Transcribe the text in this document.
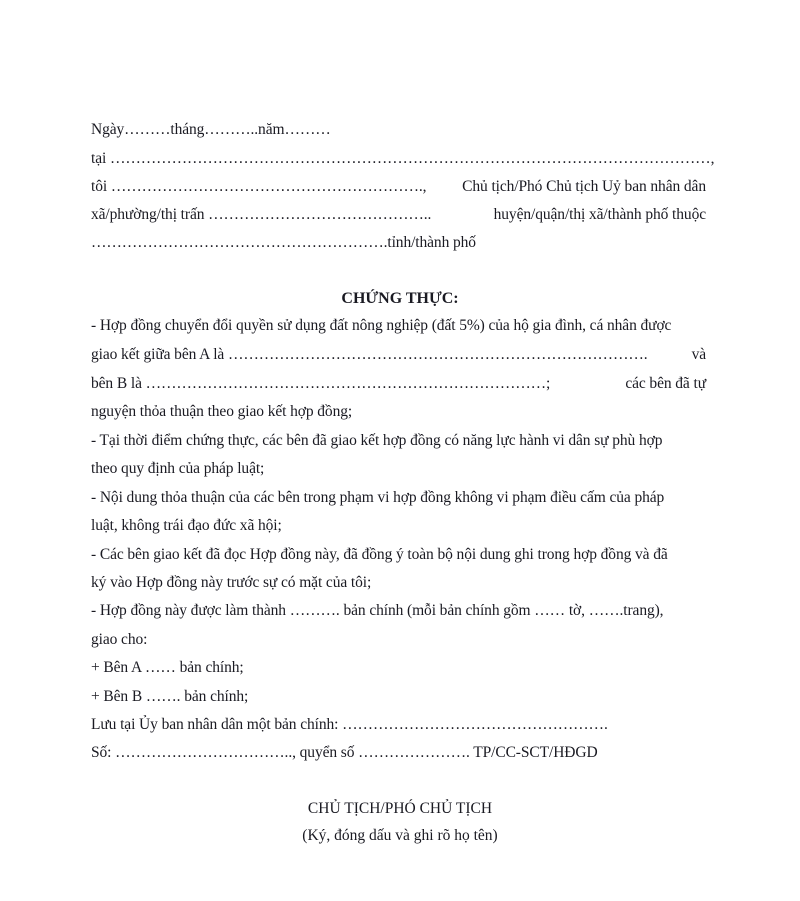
Ngày………tháng………..năm………
tại ………………………………………………………………………………………………………,
tôi ……………………………………………………., Chủ tịch/Phó Chủ tịch Uỷ ban nhân dân
xã/phường/thị trấn ……………………………………..	huyện/quận/thị xã/thành phố thuộc
………………………………………………….tỉnh/thành phố
CHỨNG THỰC:
- Hợp đồng chuyển đổi quyền sử dụng đất nông nghiệp (đất 5%) của hộ gia đình, cá nhân được
giao kết giữa bên A là ……………………………………………………………………….	và
bên B là ……………………………………………………………………;	các bên đã tự
nguyện thỏa thuận theo giao kết hợp đồng;
- Tại thời điểm chứng thực, các bên đã giao kết hợp đồng có năng lực hành vi dân sự phù hợp
theo quy định của pháp luật;
- Nội dung thỏa thuận của các bên trong phạm vi hợp đồng không vi phạm điều cấm của pháp
luật, không trái đạo đức xã hội;
- Các bên giao kết đã đọc Hợp đồng này, đã đồng ý toàn bộ nội dung ghi trong hợp đồng và đã
ký vào Hợp đồng này trước sự có mặt của tôi;
- Hợp đồng này được làm thành ………. bản chính (mỗi bản chính gồm …… tờ, …….trang),
giao cho:
+ Bên A …… bản chính;
+ Bên B ……. bản chính;
Lưu tại Ủy ban nhân dân một bản chính: …………………………………………….
Số: …………………………….., quyển số …………………. TP/CC-SCT/HĐGD
CHỦ TỊCH/PHÓ CHỦ TỊCH
(Ký, đóng dấu và ghi rõ họ tên)
